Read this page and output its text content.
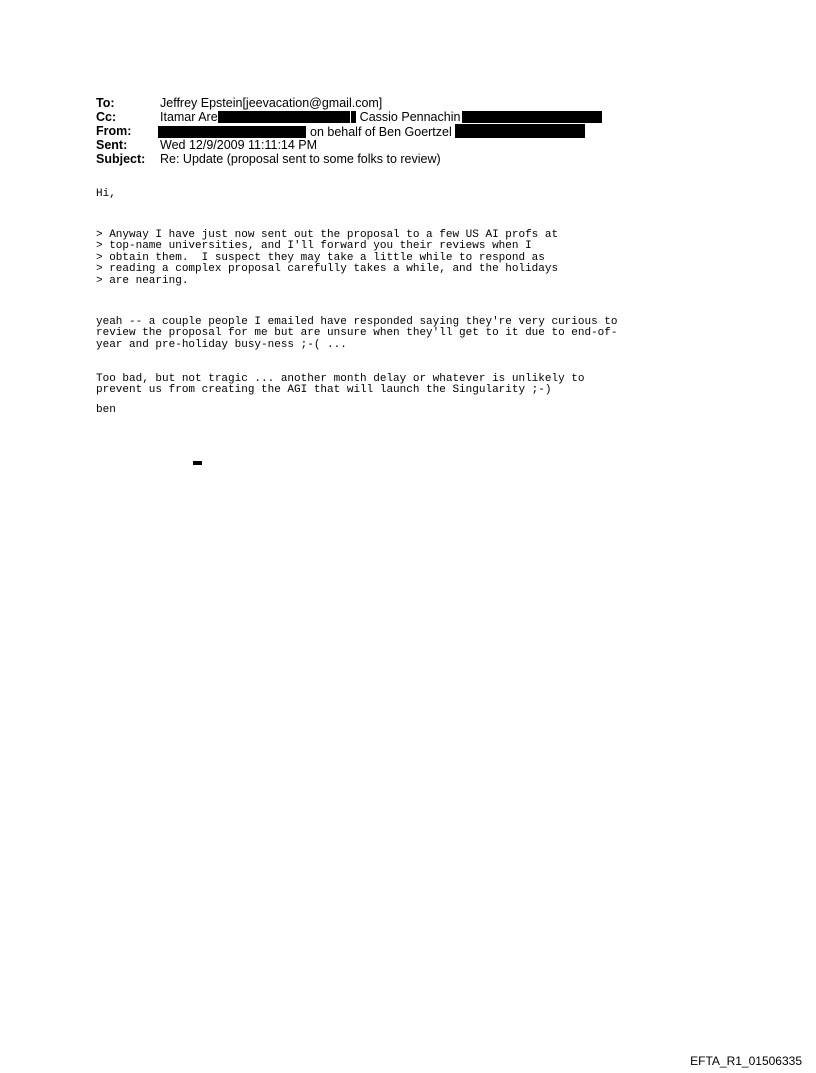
To:	Jeffrey Epstein[jeevacation@gmail.com]
Cc:	Itamar Are	Cassio Pennachin
From:	on behalf of Ben Goertzel
Sent:	Wed 12/9/2009 11:11:14 PM
Subject: Re: Update (proposal sent to some folks to review)
Hi,

> Anyway I have just now sent out the proposal to a few US AI profs at
> top-name universities, and I'll forward you their reviews when I
> obtain them.  I suspect they may take a little while to respond as
> reading a complex proposal carefully takes a while, and the holidays
> are nearing.

yeah -- a couple people I emailed have responded saying they're very curious to
review the proposal for me but are unsure when they'll get to it due to end-of-
year and pre-holiday busy-ness ;-( ...

Too bad, but not tragic ... another month delay or whatever is unlikely to
prevent us from creating the AGI that will launch the Singularity ;-)

ben
EFTA_R1_01506335
